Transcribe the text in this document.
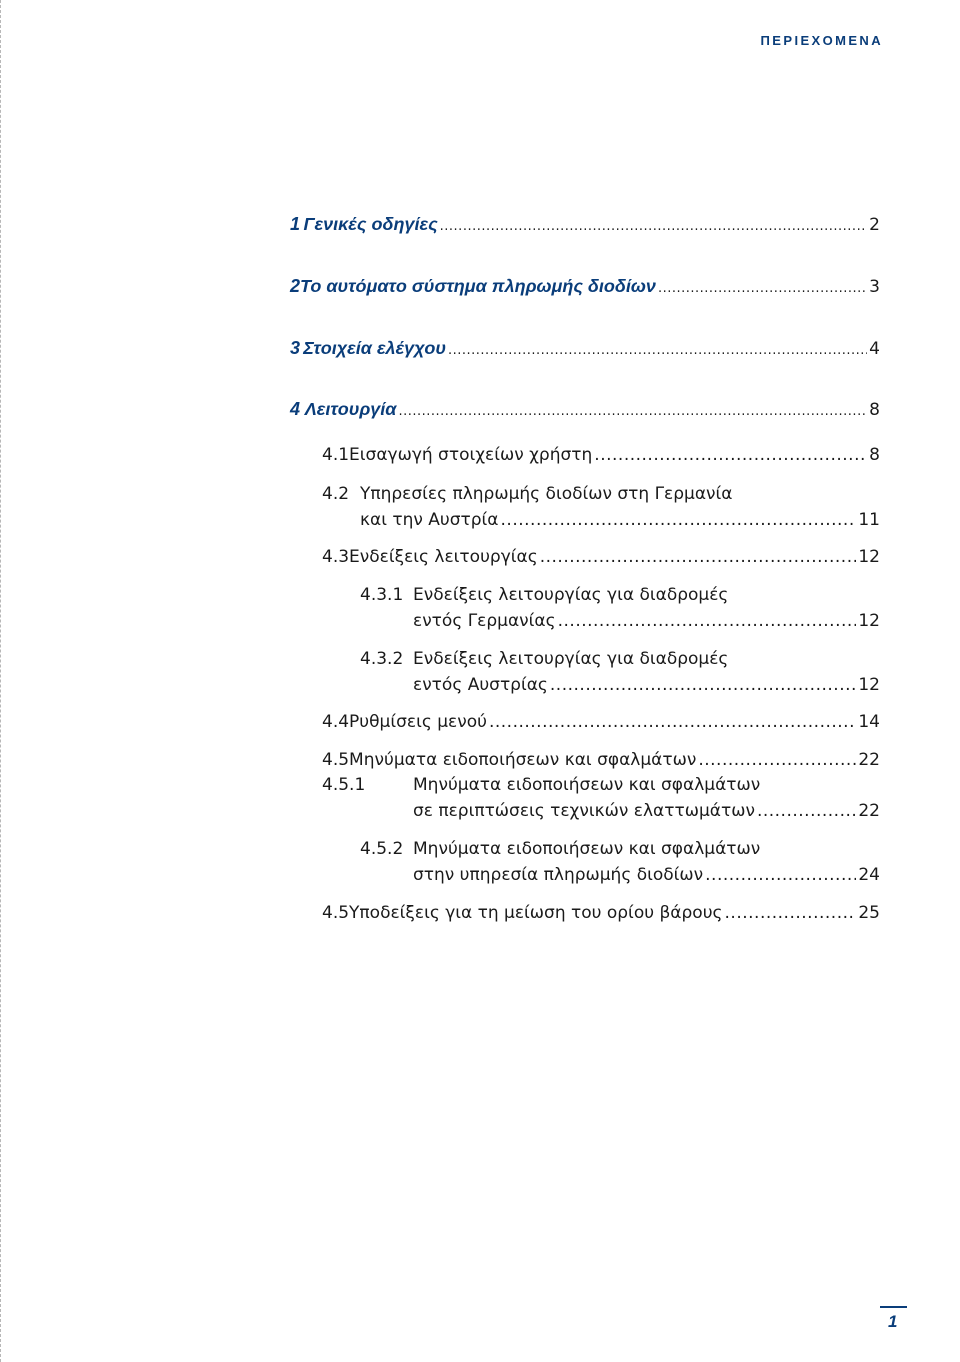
ΠΕΡΙΕΧΟΜΕΝΑ
1 Γενικές οδηγίες .....	2
2 Το αυτόματο σύστημα πληρωμής διοδίων .....	3
3 Στοιχεία ελέγχου .....	4
4 Λειτουργία .....	8
4.1 Εισαγωγή στοιχείων χρήστη .....	8
4.2 Υπηρεσίες πληρωμής διοδίων στη Γερμανία
και την Αυστρία .....	11
4.3 Ενδείξεις λειτουργίας .....	12
4.3.1 Ενδείξεις λειτουργίας για διαδρομές
εντός Γερμανίας .....	12
4.3.2 Ενδείξεις λειτουργίας για διαδρομές
εντός Αυστρίας .....	12
4.4 Ρυθμίσεις μενού .....	14
4.5 Μηνύματα ειδοποιήσεων και σφαλμάτων .....	22
4.5.1	Μηνύματα ειδοποιήσεων και σφαλμάτων
σε περιπτώσεις τεχνικών ελαττωμάτων .....	22
4.5.2 Μηνύματα ειδοποιήσεων και σφαλμάτων
στην υπηρεσία πληρωμής διοδίων .....	24
4.5 Υποδείξεις για τη μείωση του ορίου βάρους .....	25
1
